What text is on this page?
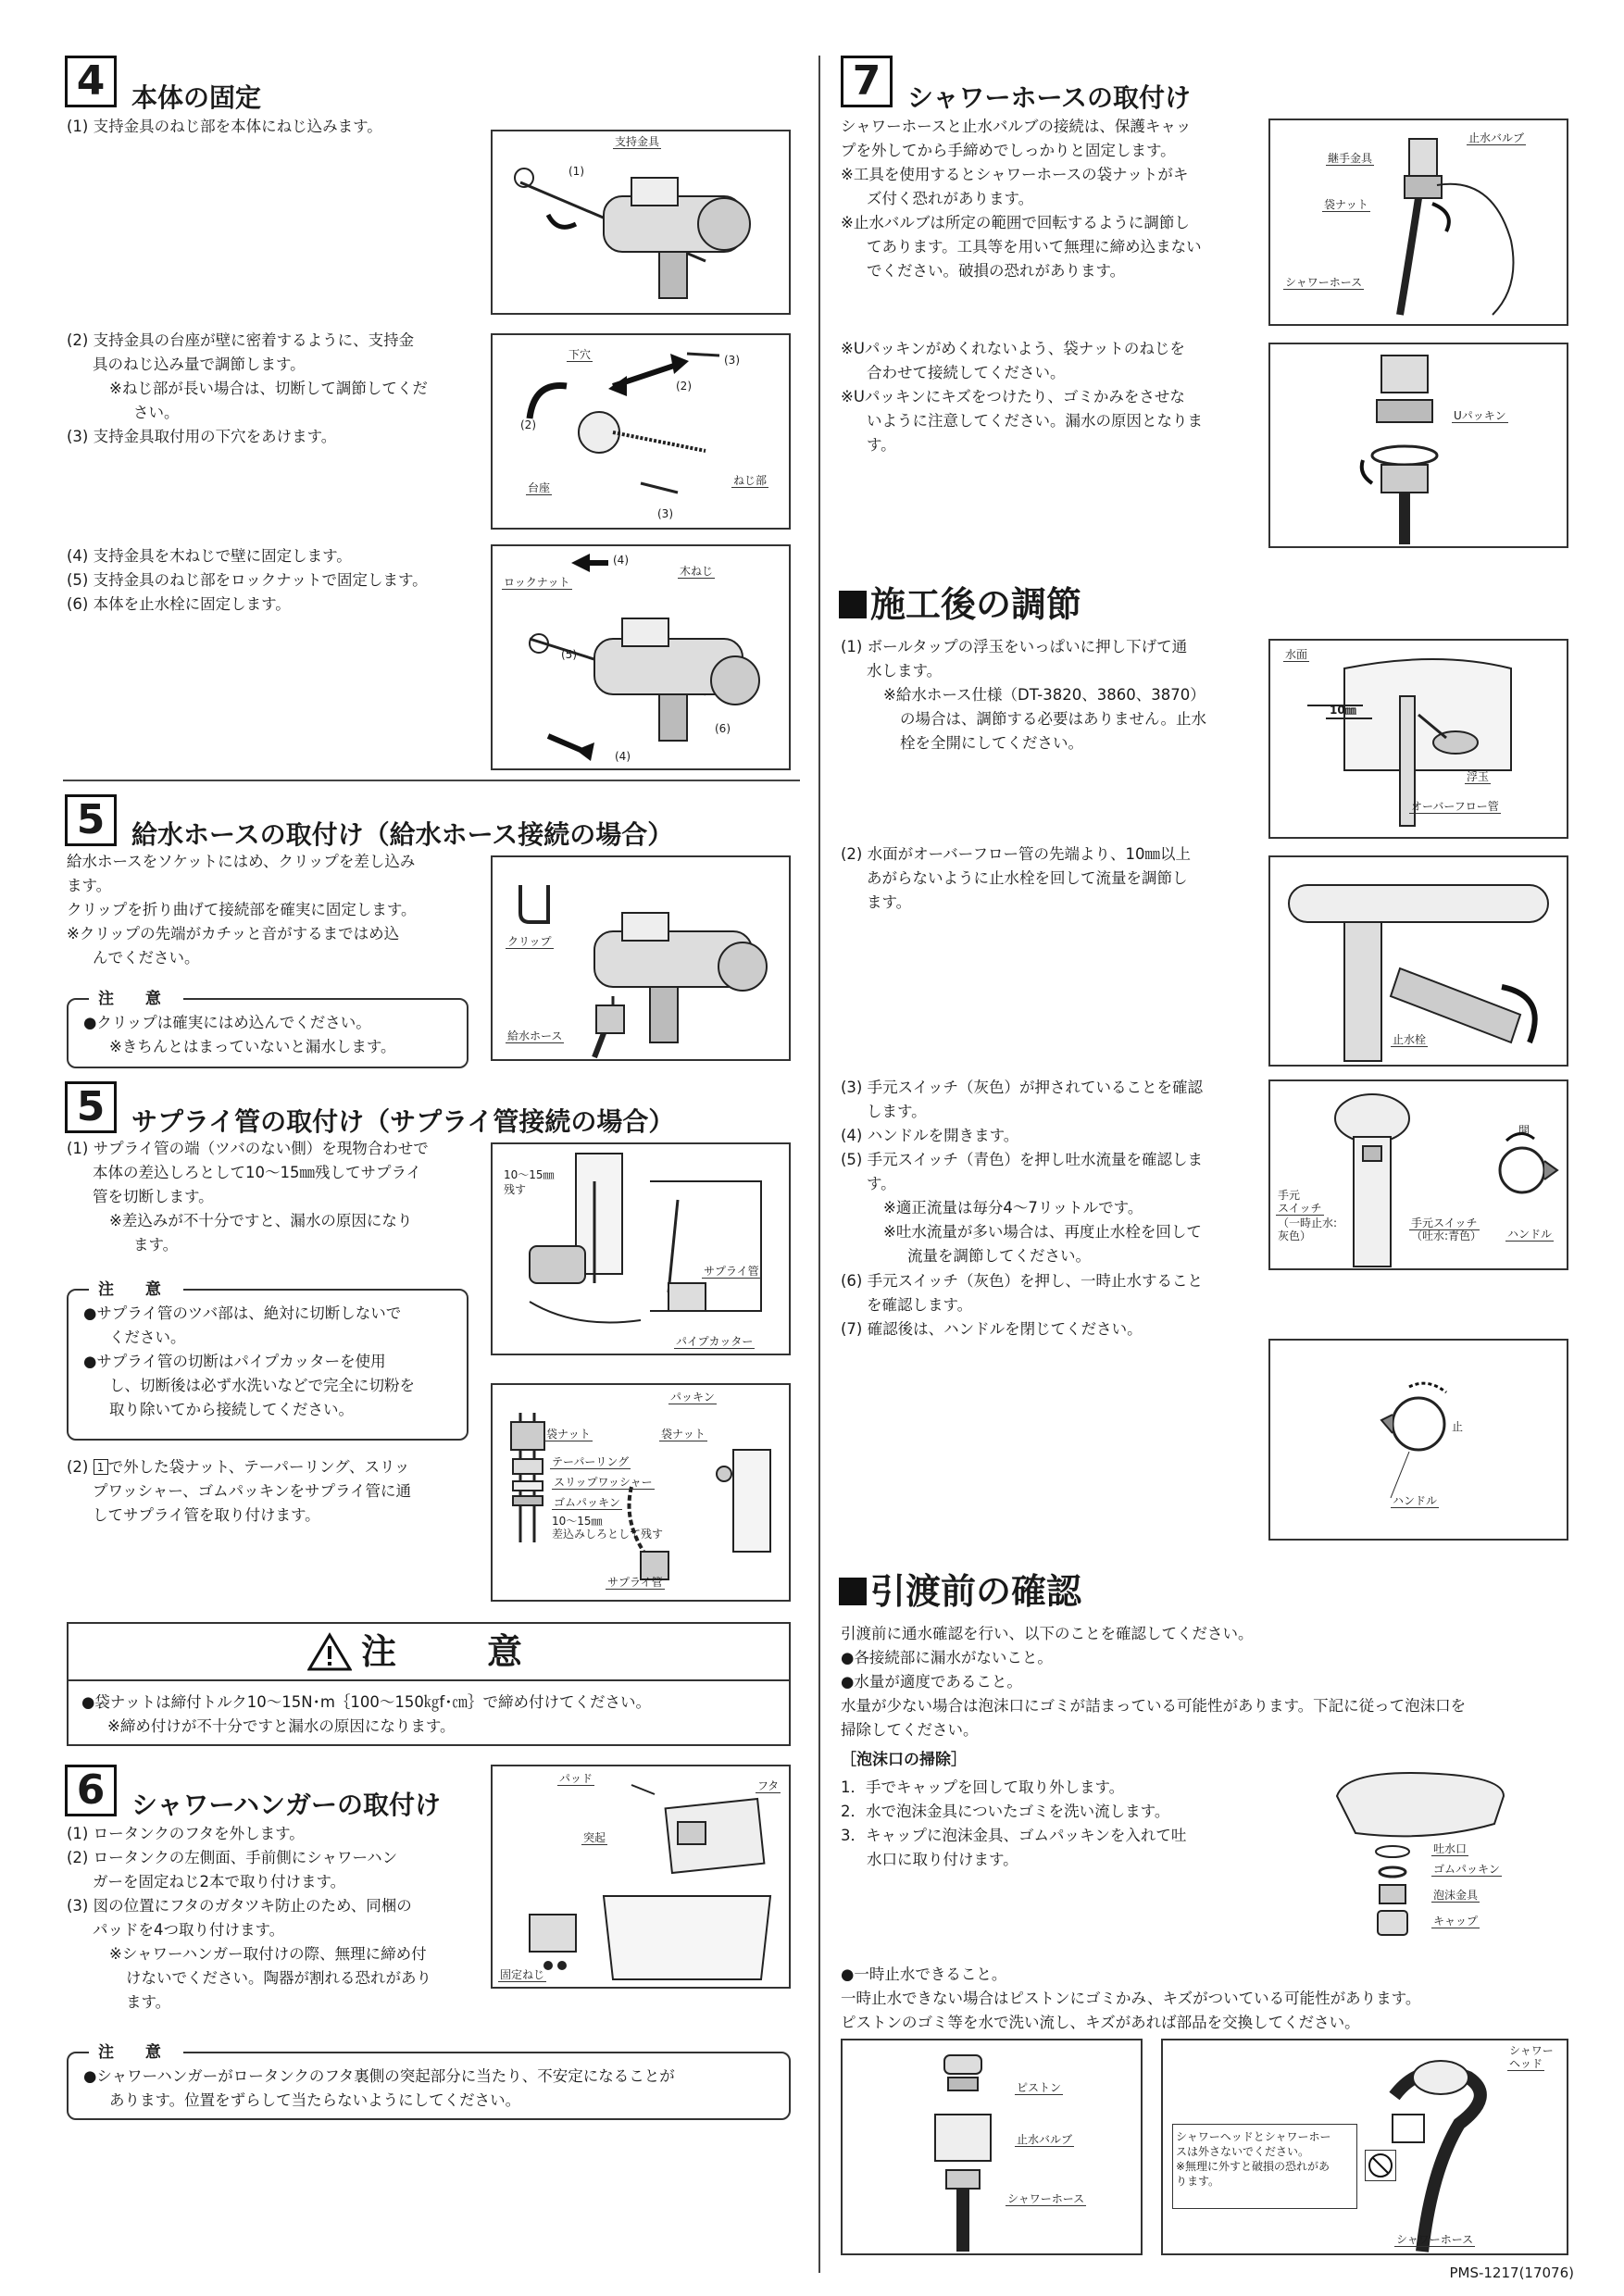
4	本体の固定
(1) 支持金具のねじ部を本体にねじ込みます。
支持金具
(1)
(2) 支持金具の台座が壁に密着するように、支持金
具のねじ込み量で調節します。
※ねじ部が長い場合は、切断して調節してくだ
さい。
(3) 支持金具取付用の下穴をあけます。
下穴	(3)
(2)
(2)
台座
ねじ部
(3)
(4) 支持金具を木ねじで壁に固定します。
(5) 支持金具のねじ部をロックナットで固定します。
(6) 本体を止水栓に固定します。
ロックナット
(4)
木ねじ
(5)
(6)
(4)
5	給水ホースの取付け（給水ホース接続の場合）
給水ホースをソケットにはめ、クリップを差し込み
ます。
クリップを折り曲げて接続部を確実に固定します。
※クリップの先端がカチッと音がするまではめ込
んでください。
注 意
●クリップは確実にはめ込んでください。
※きちんとはまっていないと漏水します。
クリップ
給水ホース
5	サプライ管の取付け（サプライ管接続の場合）
(1) サプライ管の端（ツバのない側）を現物合わせで
本体の差込しろとして10～15㎜残してサプライ
管を切断します。
※差込みが不十分ですと、漏水の原因になり
ます。
注 意
●サプライ管のツバ部は、絶対に切断しないで
ください。
●サプライ管の切断はパイプカッターを使用
し、切断後は必ず水洗いなどで完全に切粉を
取り除いてから接続してください。
10～15㎜
残す
サプライ管
パイプカッター
(2) 1 で外した袋ナット、テーパーリング、スリッ
プワッシャー、ゴムパッキンをサプライ管に通
してサプライ管を取り付けます。
パッキン
袋ナット
袋ナット
テーパーリング
スリップワッシャー
ゴムパッキン
10～15㎜
差込みしろとして残す
サプライ管
注　意
●袋ナットは締付トルク10～15N･m｛100～150㎏f･㎝｝で締め付けてください。
※締め付けが不十分ですと漏水の原因になります。
6	シャワーハンガーの取付け
(1) ロータンクのフタを外します。
(2) ロータンクの左側面、手前側にシャワーハン
ガーを固定ねじ2本で取り付けます。
(3) 図の位置にフタのガタツキ防止のため、同梱の
パッドを4つ取り付けます。
※シャワーハンガー取付けの際、無理に締め付
けないでください。陶器が割れる恐れがあり
ます。
パッド
フタ
突起
固定ねじ
注 意
●シャワーハンガーがロータンクのフタ裏側の突起部分に当たり、不安定になることが
あります。位置をずらして当たらないようにしてください。
7	シャワーホースの取付け
シャワーホースと止水バルブの接続は、保護キャッ
プを外してから手締めでしっかりと固定します。
※工具を使用するとシャワーホースの袋ナットがキ
ズ付く恐れがあります。
※止水バルブは所定の範囲で回転するように調節し
てあります。工具等を用いて無理に締め込まない
でください。破損の恐れがあります。
止水バルブ
継手金具
袋ナット
シャワーホース
※Uパッキンがめくれないよう、袋ナットのねじを
合わせて接続してください。
※Uパッキンにキズをつけたり、ゴミかみをさせな
いように注意してください。漏水の原因となりま
す。
Uパッキン
施工後の調節
(1) ボールタップの浮玉をいっぱいに押し下げて通
水します。
※給水ホース仕様（DT-3820、3860、3870）
の場合は、調節する必要はありません。止水
栓を全開にしてください。
水面
10㎜
浮玉
オーバーフロー管
(2) 水面がオーバーフロー管の先端より、10㎜以上
あがらないように止水栓を回して流量を調節し
ます。
止水栓
(3) 手元スイッチ（灰色）が押されていることを確認
します。
(4) ハンドルを開きます。
(5) 手元スイッチ（青色）を押し吐水流量を確認しま
す。
※適正流量は毎分4～7リットルです。
※吐水流量が多い場合は、再度止水栓を回して
流量を調節してください。
(6) 手元スイッチ（灰色）を押し、一時止水すること
を確認します。
(7) 確認後は、ハンドルを閉じてください。
開
手元
スイッチ
（一時止水:
灰色）
手元スイッチ
（吐水:青色） ハンドル
止
ハンドル
引渡前の確認
引渡前に通水確認を行い、以下のことを確認してください。
●各接続部に漏水がないこと。
●水量が適度であること。
水量が少ない場合は泡沫口にゴミが詰まっている可能性があります。下記に従って泡沫口を
掃除してください。
［泡沫口の掃除］
1．手でキャップを回して取り外します。
2．水で泡沫金具についたゴミを洗い流します。
3．キャップに泡沫金具、ゴムパッキンを入れて吐
水口に取り付けます。
吐水口
ゴムパッキン
泡沫金具
キャップ
●一時止水できること。
一時止水できない場合はピストンにゴミかみ、キズがついている可能性があります。
ピストンのゴミ等を水で洗い流し、キズがあれば部品を交換してください。
ピストン
止水バルブ
シャワーホース
シャワー
ヘッド
シャワーヘッドとシャワーホー
スは外さないでください。
※無理に外すと破損の恐れがあ
ります。
シャワーホース
PMS-1217(17076)
